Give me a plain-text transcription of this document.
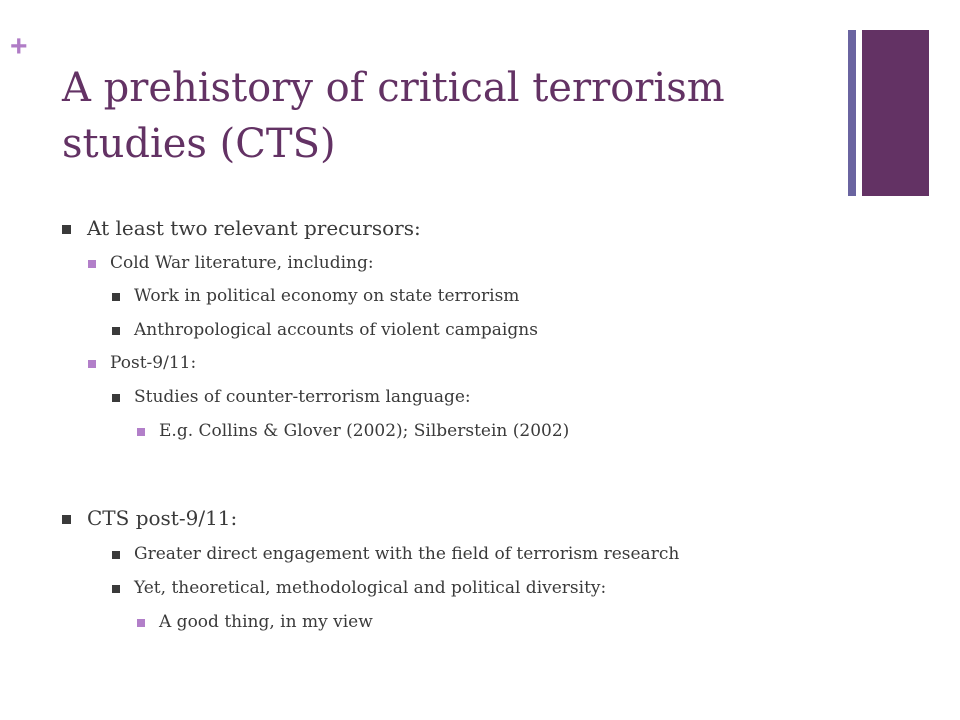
+
A prehistory of critical terrorism studies (CTS)
At least two relevant precursors:
Cold War literature, including:
Work in political economy on state terrorism
Anthropological accounts of violent campaigns
Post-9/11:
Studies of counter-terrorism language:
E.g. Collins & Glover (2002); Silberstein (2002)
CTS post-9/11:
Greater direct engagement with the field of terrorism research
Yet, theoretical, methodological and political diversity:
A good thing, in my view
